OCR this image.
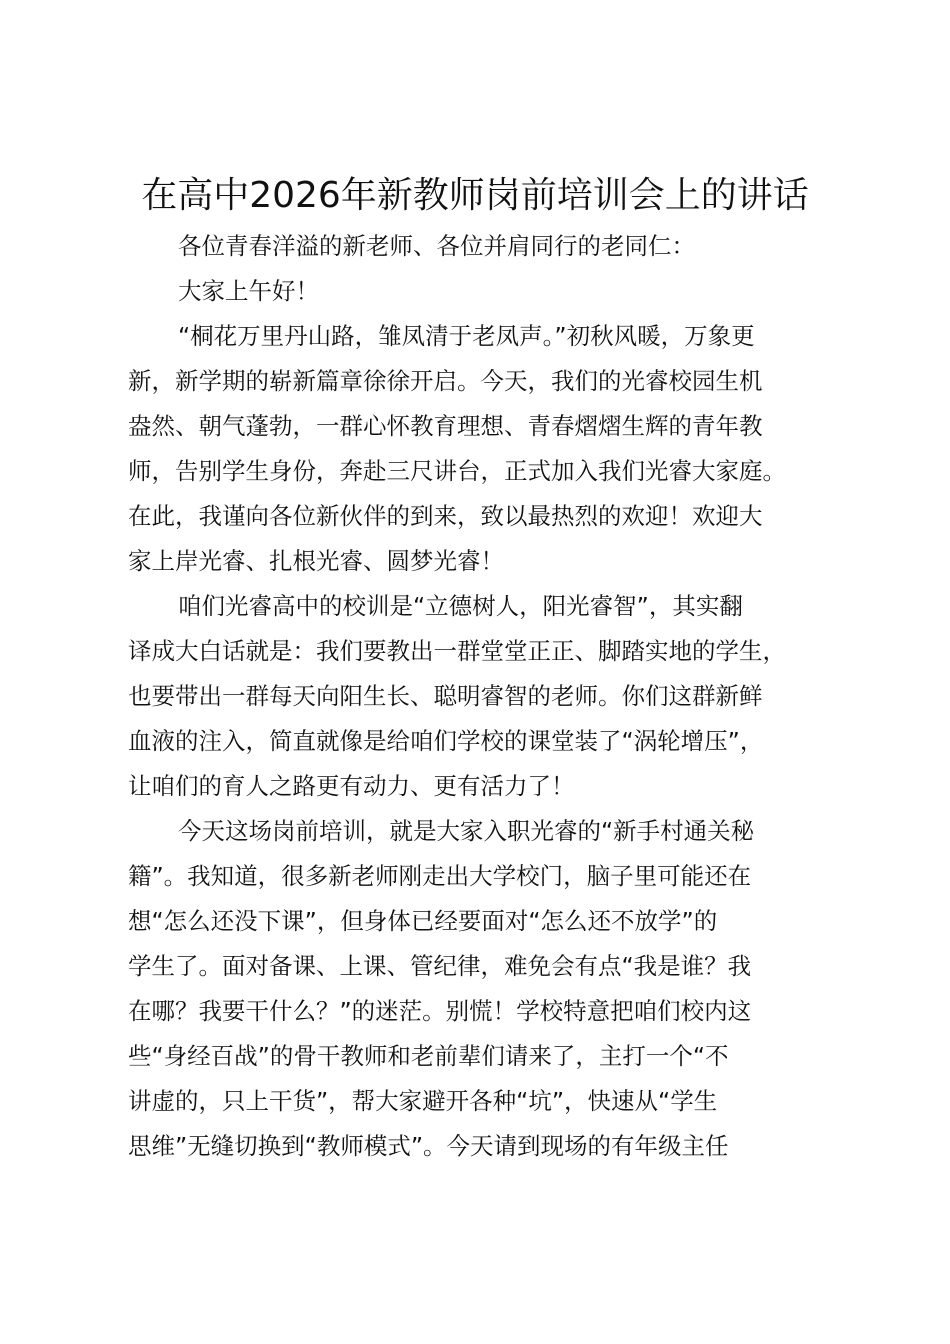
在高中2026年新教师岗前培训会上的讲话

各位青春洋溢的新老师、各位并肩同行的老同仁：

大家上午好！

“桐花万里丹山路，雏凤清于老凤声。”初秋风暖，万象更

新，新学期的崭新篇章徐徐开启。今天，我们的光睿校园生机

盎然、朝气蓬勃，一群心怀教育理想、青春熠熠生辉的青年教

师，告别学生身份，奔赴三尺讲台，正式加入我们光睿大家庭。

在此，我谨向各位新伙伴的到来，致以最热烈的欢迎！欢迎大

家上岸光睿、扎根光睿、圆梦光睿！

咱们光睿高中的校训是“立德树人，阳光睿智”，其实翻

译成大白话就是：我们要教出一群堂堂正正、脚踏实地的学生，

也要带出一群每天向阳生长、聪明睿智的老师。你们这群新鲜

血液的注入，简直就像是给咱们学校的课堂装了“涡轮增压”，

让咱们的育人之路更有动力、更有活力了！

今天这场岗前培训，就是大家入职光睿的“新手村通关秘

籍”。我知道，很多新老师刚走出大学校门，脑子里可能还在

想“怎么还没下课”，但身体已经要面对“怎么还不放学”的

学生了。面对备课、上课、管纪律，难免会有点“我是谁？我

在哪？我要干什么？”的迷茫。别慌！学校特意把咱们校内这

些“身经百战”的骨干教师和老前辈们请来了，主打一个“不

讲虚的，只上干货”，帮大家避开各种“坑”，快速从“学生

思维”无缝切换到“教师模式”。今天请到现场的有年级主任
